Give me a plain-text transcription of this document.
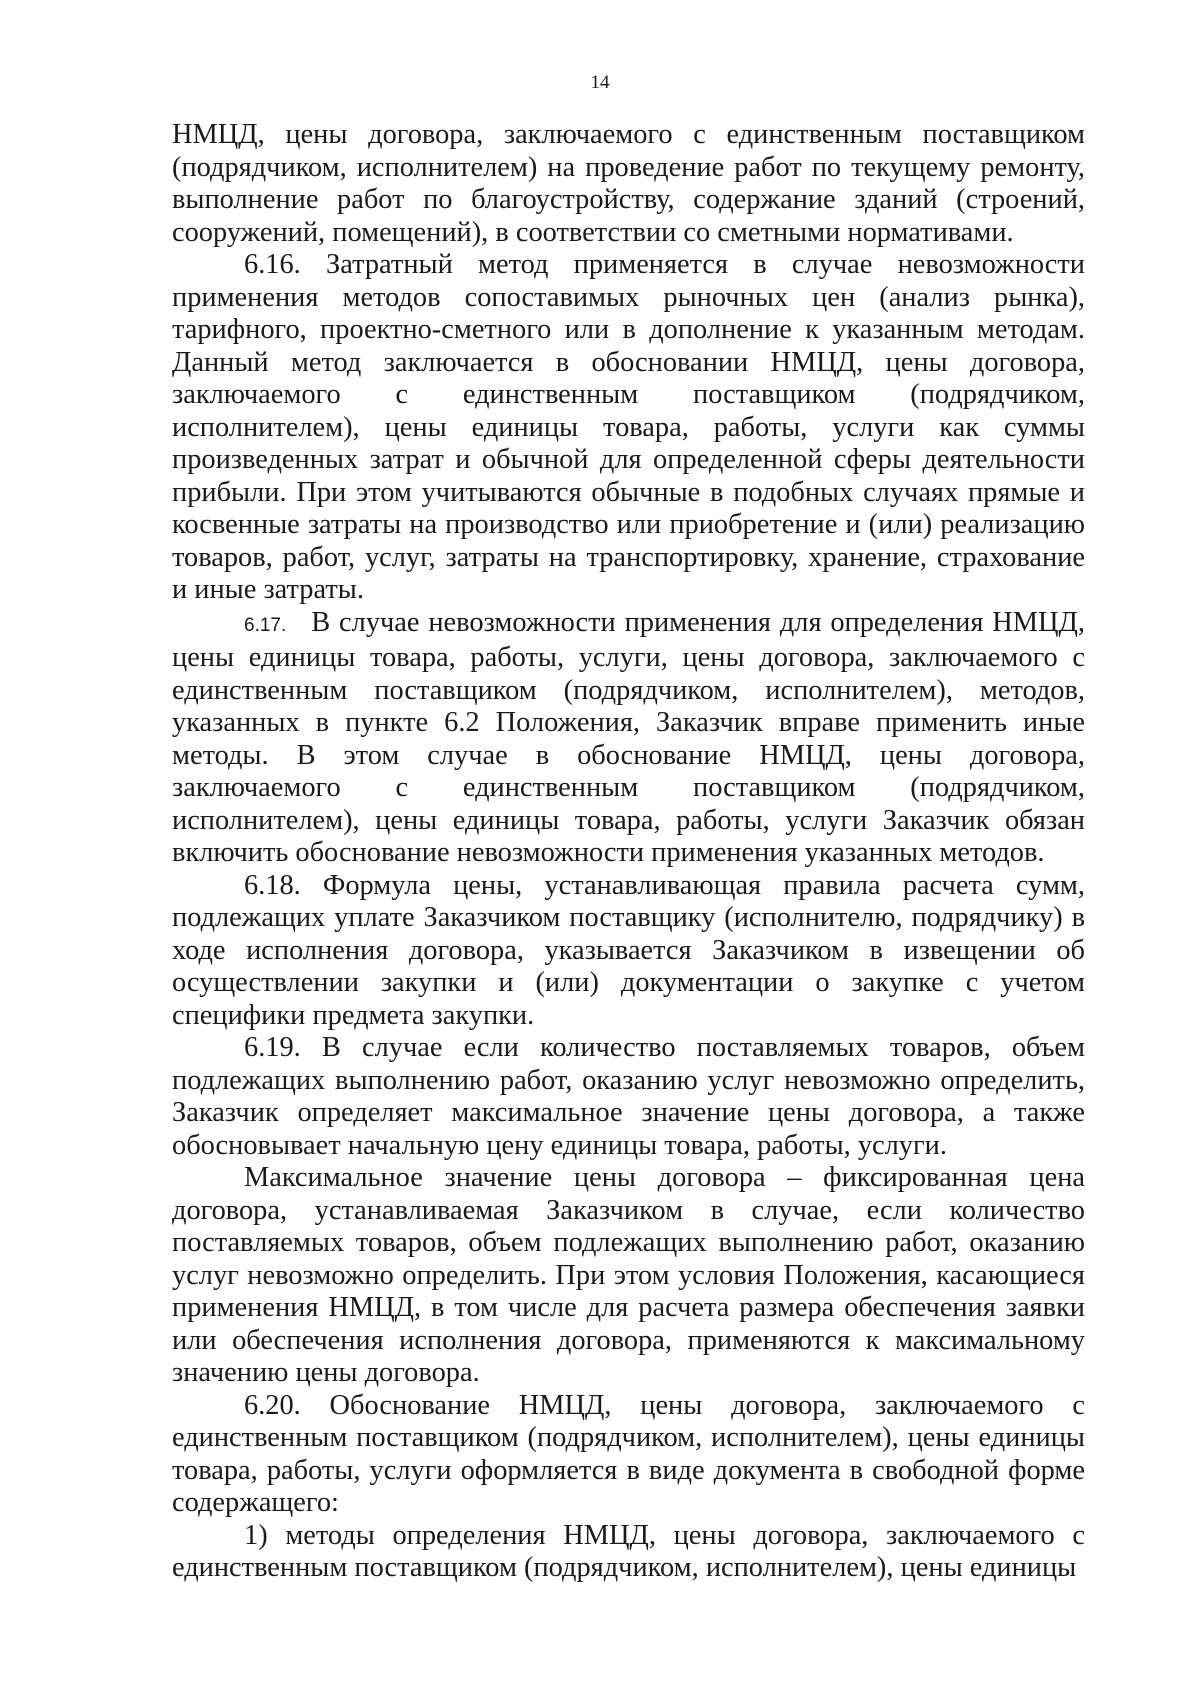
14

НМЦД, цены договора, заключаемого с единственным поставщиком (подрядчиком, исполнителем) на проведение работ по текущему ремонту, выполнение работ по благоустройству, содержание зданий (строений, сооружений, помещений), в соответствии со сметными нормативами.

6.16. Затратный метод применяется в случае невозможности применения методов сопоставимых рыночных цен (анализ рынка), тарифного, проектно-сметного или в дополнение к указанным методам. Данный метод заключается в обосновании НМЦД, цены договора, заключаемого с единственным поставщиком (подрядчиком, исполнителем), цены единицы товара, работы, услуги как суммы произведенных затрат и обычной для определенной сферы деятельности прибыли. При этом учитываются обычные в подобных случаях прямые и косвенные затраты на производство или приобретение и (или) реализацию товаров, работ, услуг, затраты на транспортировку, хранение, страхование и иные затраты.

6.17. В случае невозможности применения для определения НМЦД, цены единицы товара, работы, услуги, цены договора, заключаемого с единственным поставщиком (подрядчиком, исполнителем), методов, указанных в пункте 6.2 Положения, Заказчик вправе применить иные методы. В этом случае в обоснование НМЦД, цены договора, заключаемого с единственным поставщиком (подрядчиком, исполнителем), цены единицы товара, работы, услуги Заказчик обязан включить обоснование невозможности применения указанных методов.

6.18. Формула цены, устанавливающая правила расчета сумм, подлежащих уплате Заказчиком поставщику (исполнителю, подрядчику) в ходе исполнения договора, указывается Заказчиком в извещении об осуществлении закупки и (или) документации о закупке с учетом специфики предмета закупки.

6.19. В случае если количество поставляемых товаров, объем подлежащих выполнению работ, оказанию услуг невозможно определить, Заказчик определяет максимальное значение цены договора, а также обосновывает начальную цену единицы товара, работы, услуги.

Максимальное значение цены договора – фиксированная цена договора, устанавливаемая Заказчиком в случае, если количество поставляемых товаров, объем подлежащих выполнению работ, оказанию услуг невозможно определить. При этом условия Положения, касающиеся применения НМЦД, в том числе для расчета размера обеспечения заявки или обеспечения исполнения договора, применяются к максимальному значению цены договора.

6.20. Обоснование НМЦД, цены договора, заключаемого с единственным поставщиком (подрядчиком, исполнителем), цены единицы товара, работы, услуги оформляется в виде документа в свободной форме содержащего:

1) методы определения НМЦД, цены договора, заключаемого с единственным поставщиком (подрядчиком, исполнителем), цены единицы
